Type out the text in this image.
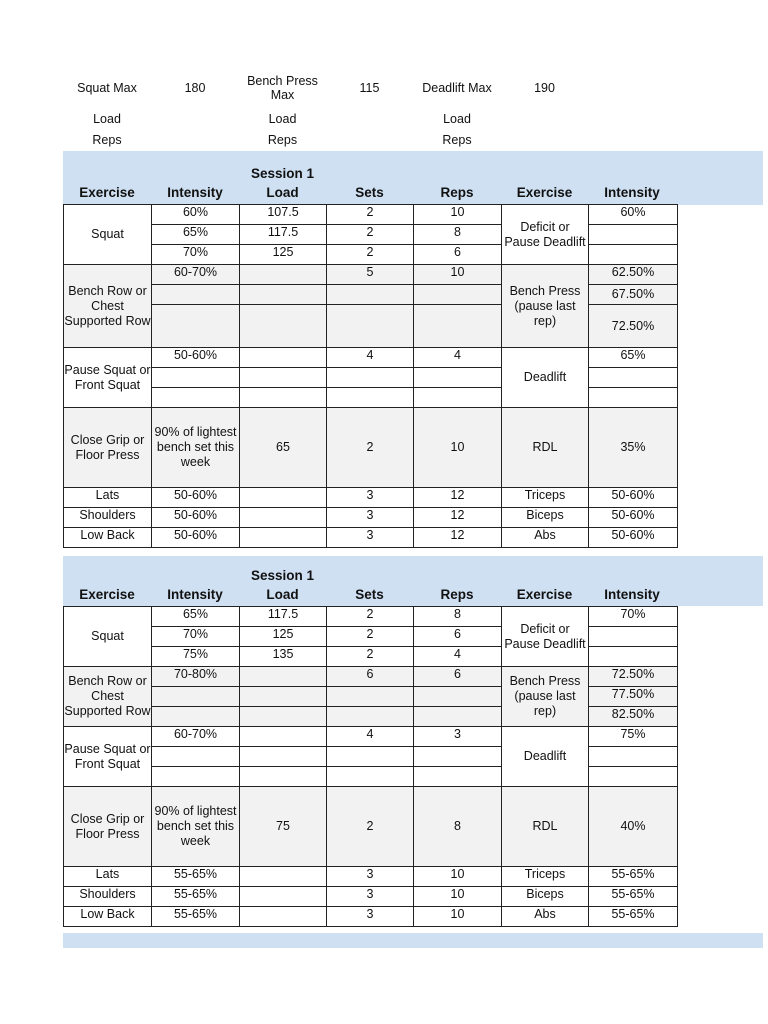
Squat Max	180	Bench Press Max	115	Deadlift Max	190
Load	Load	Load
Reps	Reps	Reps
Session 1
Exercise	Intensity	Load	Sets	Reps	Exercise	Intensity
Squat	60%	107.5	2	10	Deficit or Pause Deadlift	60%
	65%	117.5	2	8		
	70%	125	2	6		
Bench Row or Chest Supported Row	60-70%		5	10	Bench Press (pause last rep)	62.50%
						67.50%
						72.50%
Pause Squat or Front Squat	50-60%		4	4	Deadlift	65%

Close Grip or Floor Press	90% of lightest bench set this week	65	2	10	RDL	35%
Lats	50-60%		3	12	Triceps	50-60%
Shoulders	50-60%		3	12	Biceps	50-60%
Low Back	50-60%		3	12	Abs	50-60%
Session 1
Exercise	Intensity	Load	Sets	Reps	Exercise	Intensity
Squat	65%	117.5	2	8	Deficit or Pause Deadlift	70%
	70%	125	2	6		
	75%	135	2	4		
Bench Row or Chest Supported Row	70-80%		6	6	Bench Press (pause last rep)	72.50%
						77.50%
						82.50%
Pause Squat or Front Squat	60-70%		4	3	Deadlift	75%

Close Grip or Floor Press	90% of lightest bench set this week	75	2	8	RDL	40%
Lats	55-65%		3	10	Triceps	55-65%
Shoulders	55-65%		3	10	Biceps	55-65%
Low Back	55-65%		3	10	Abs	55-65%
